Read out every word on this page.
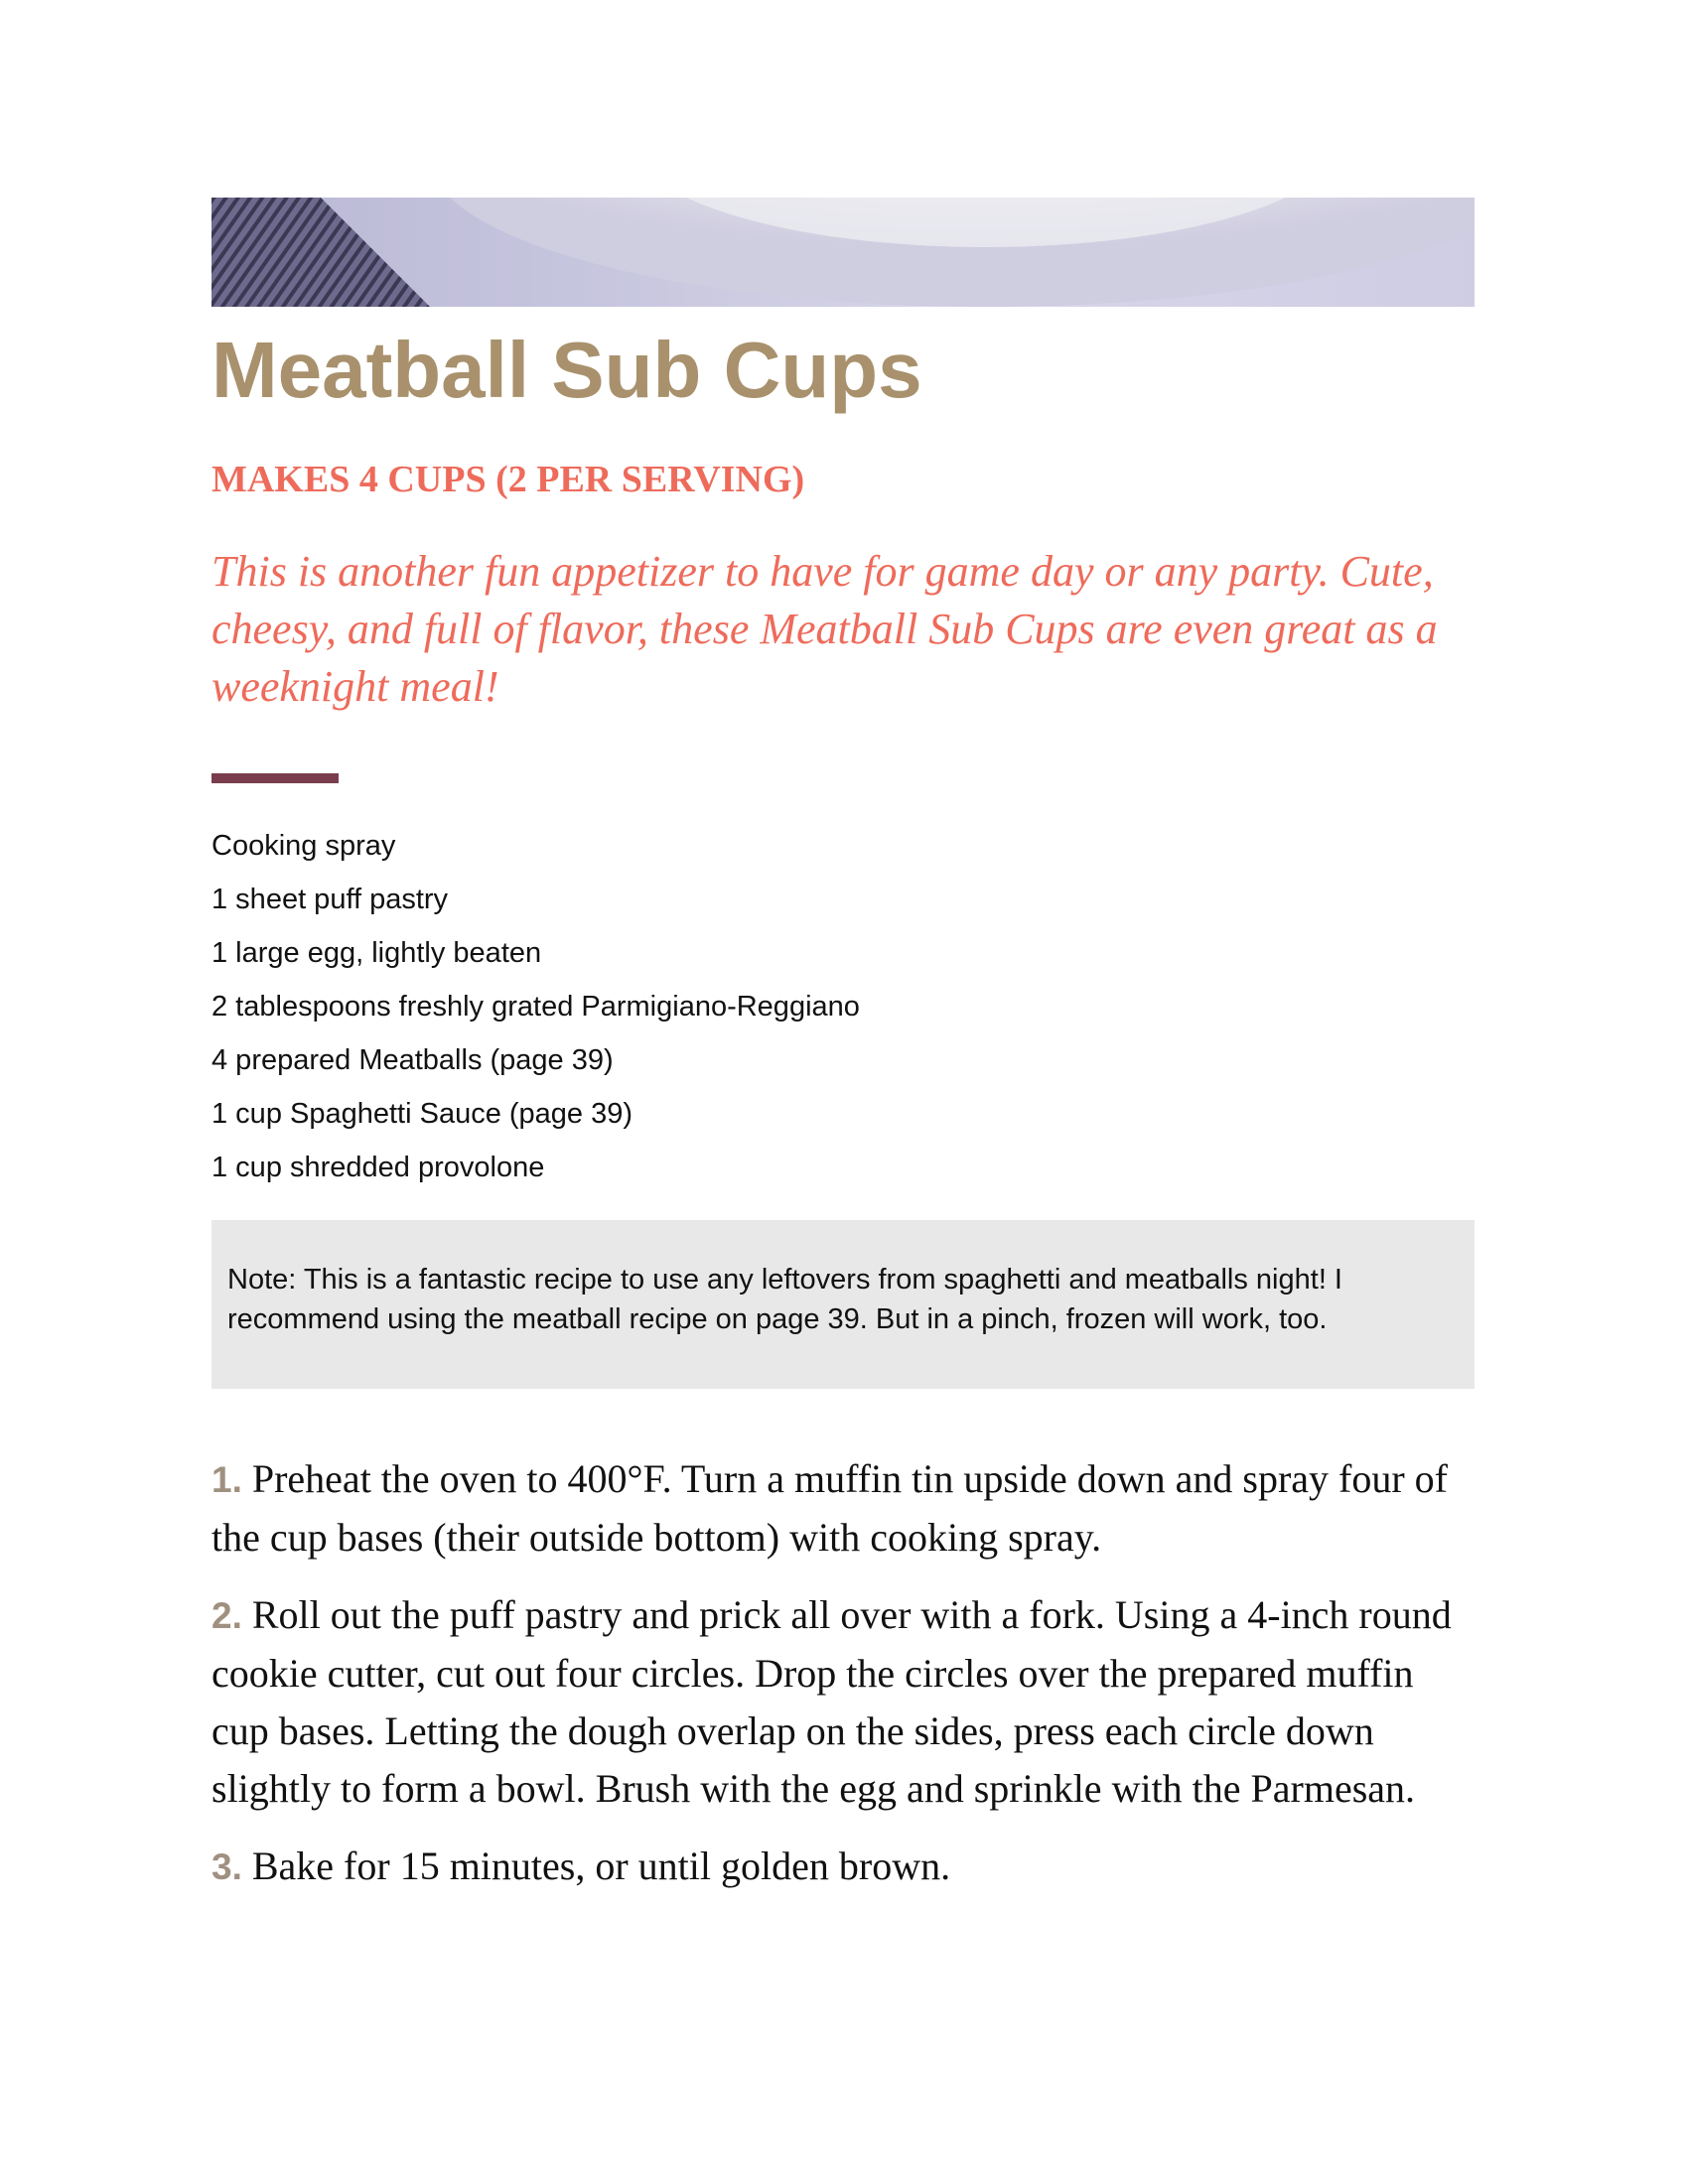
Meatball Sub Cups
MAKES 4 CUPS (2 PER SERVING)

This is another fun appetizer to have for game day or any party. Cute, cheesy, and full of flavor, these Meatball Sub Cups are even great as a weeknight meal!

Cooking spray
1 sheet puff pastry
1 large egg, lightly beaten
2 tablespoons freshly grated Parmigiano-Reggiano
4 prepared Meatballs (page 39)
1 cup Spaghetti Sauce (page 39)
1 cup shredded provolone
Note: This is a fantastic recipe to use any leftovers from spaghetti and meatballs night! I recommend using the meatball recipe on page 39. But in a pinch, frozen will work, too.
1. Preheat the oven to 400°F. Turn a muffin tin upside down and spray four of the cup bases (their outside bottom) with cooking spray.
2. Roll out the puff pastry and prick all over with a fork. Using a 4-inch round cookie cutter, cut out four circles. Drop the circles over the prepared muffin cup bases. Letting the dough overlap on the sides, press each circle down slightly to form a bowl. Brush with the egg and sprinkle with the Parmesan.
3. Bake for 15 minutes, or until golden brown.
